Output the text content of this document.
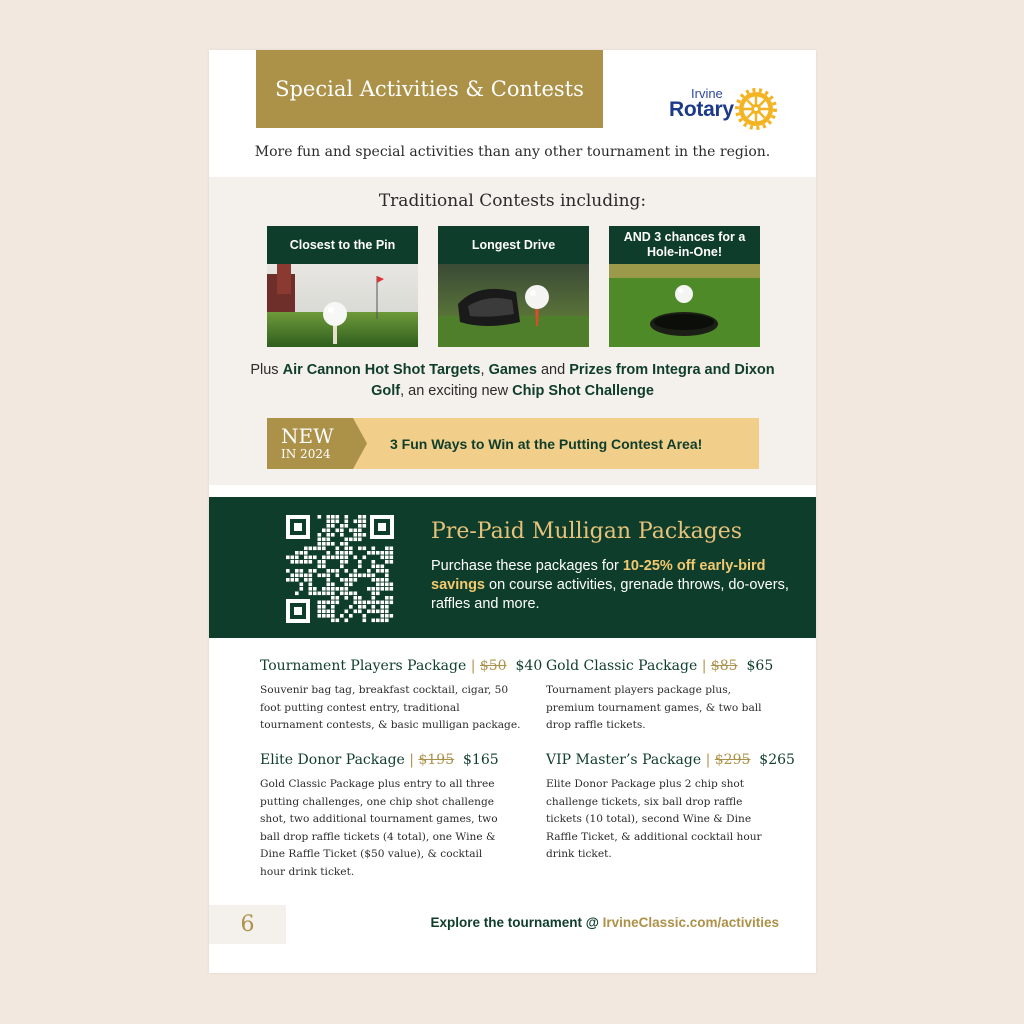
Special Activities & Contests	Irvine
Rotary
More fun and special activities than any other tournament in the region.
Traditional Contests including:
Closest to the Pin	Longest Drive
AND 3 chances for a Hole-in-One!
Plus Air Cannon Hot Shot Targets, Games and Prizes from Integra and Dixon Golf, an exciting new Chip Shot Challenge
NEW
IN 2024
3 Fun Ways to Win at the Putting Contest Area!
Pre-Paid Mulligan Packages
Purchase these packages for 10-25% off early-bird savings on course activities, grenade throws, do-overs, raffles and more.
Tournament Players Package | $50 $40
Souvenir bag tag, breakfast cocktail, cigar, 50 foot putting contest entry, traditional tournament contests, & basic mulligan package.
Gold Classic Package | $85 $65
Tournament players package plus, premium tournament games, & two ball drop raffle tickets.
Elite Donor Package | $195 $165
Gold Classic Package plus entry to all three putting challenges, one chip shot challenge shot, two additional tournament games, two ball drop raffle tickets (4 total), one Wine & Dine Raffle Ticket ($50 value), & cocktail hour drink ticket.
VIP Master’s Package | $295 $265
Elite Donor Package plus 2 chip shot challenge tickets, six ball drop raffle tickets (10 total), second Wine & Dine Raffle Ticket, & additional cocktail hour drink ticket.
6	Explore the tournament @ IrvineClassic.com/activities
